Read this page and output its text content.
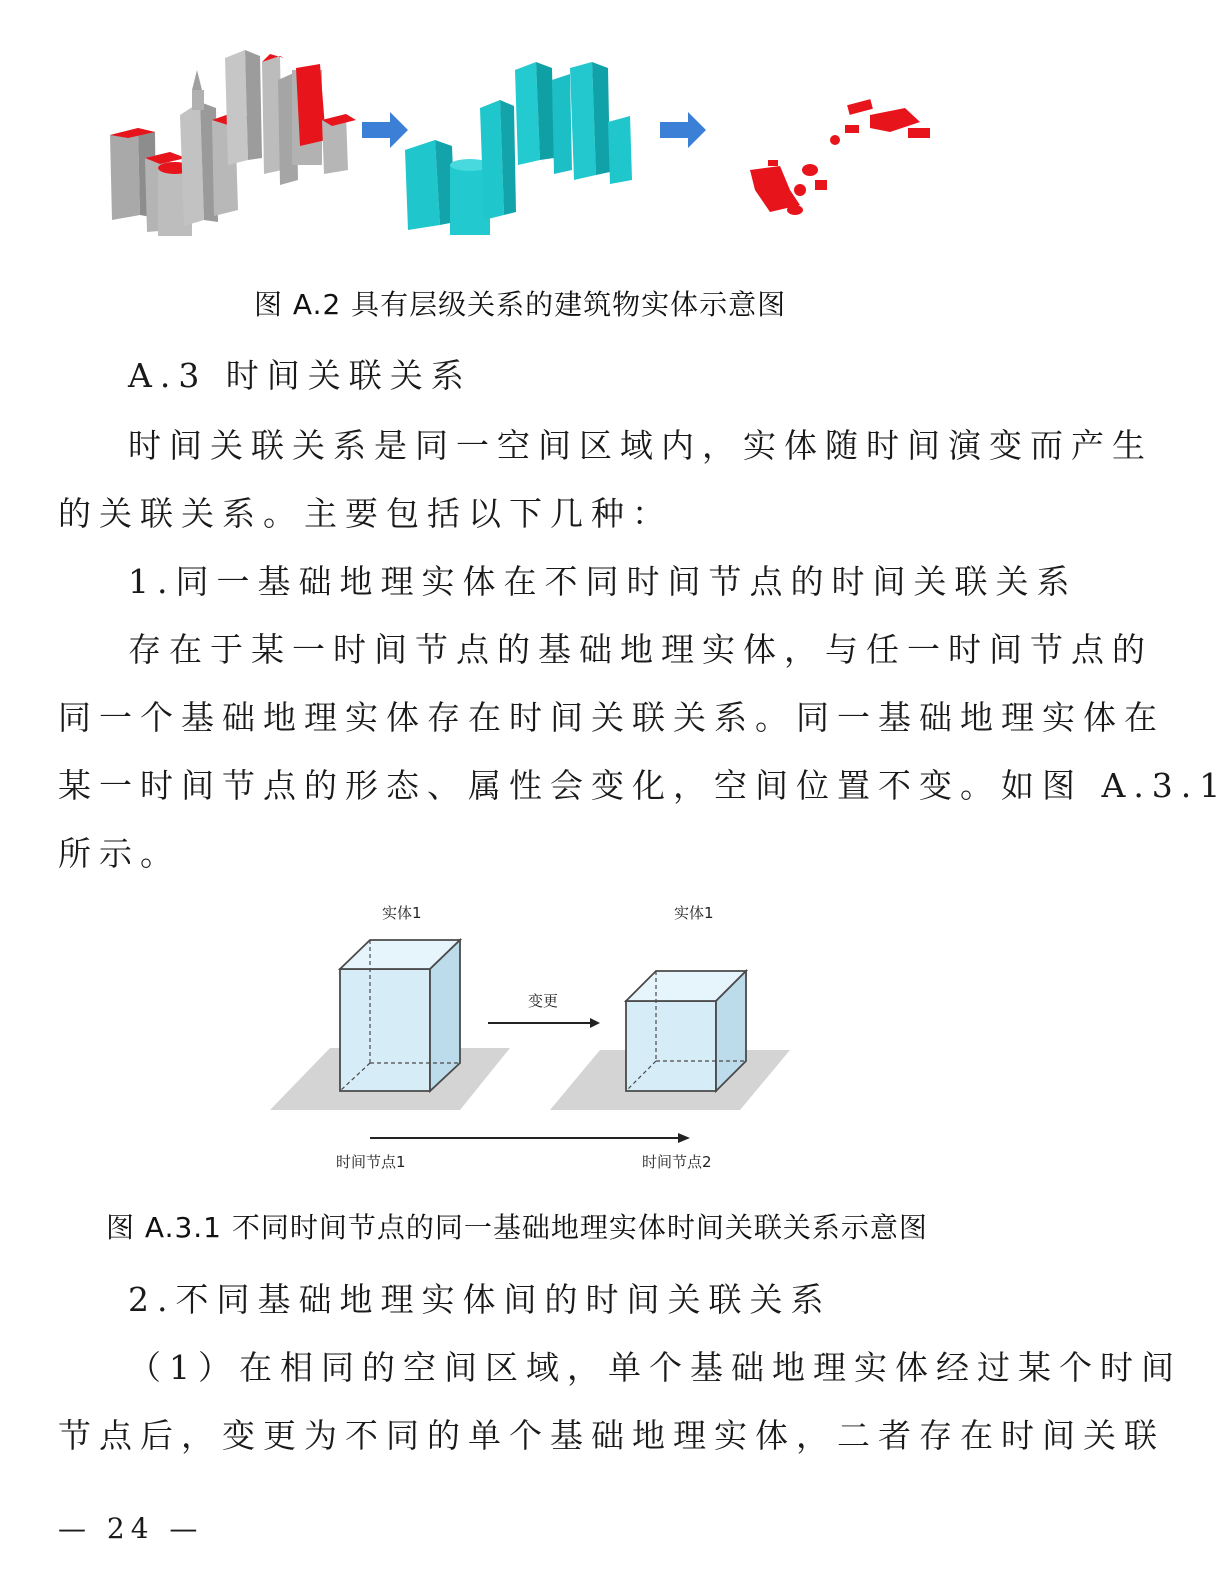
图 A.2 具有层级关系的建筑物实体示意图
A.3 时间关联关系
时间关联关系是同一空间区域内，实体随时间演变而产生
的关联关系。主要包括以下几种：
1.同一基础地理实体在不同时间节点的时间关联关系
存在于某一时间节点的基础地理实体，与任一时间节点的
同一个基础地理实体存在时间关联关系。同一基础地理实体在
某一时间节点的形态、属性会变化，空间位置不变。如图 A.3.1
所示。
实体1	实体1
变更
时间节点1	时间节点2
图 A.3.1 不同时间节点的同一基础地理实体时间关联关系示意图
2.不同基础地理实体间的时间关联关系
（1）在相同的空间区域，单个基础地理实体经过某个时间
节点后，变更为不同的单个基础地理实体，二者存在时间关联
— 24 —
